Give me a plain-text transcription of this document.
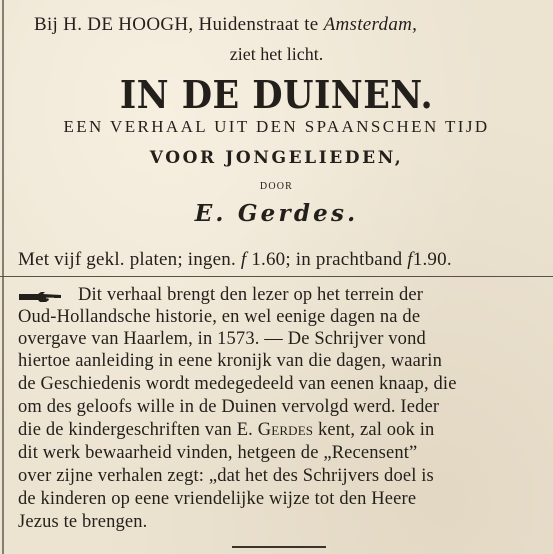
Bij H. DE HOOGH, Huidenstraat te Amsterdam,
ziet het licht.
IN DE DUINEN.
EEN VERHAAL UIT DEN SPAANSCHEN TIJD
VOOR JONGELIEDEN,
DOOR
E. Gerdes.
Met vijf gekl. platen; ingen. f 1.60; in prachtband f1.90.
Dit verhaal brengt den lezer op het terrein der
Oud-Hollandsche historie, en wel eenige dagen na de
overgave van Haarlem, in 1573. — De Schrijver vond
hiertoe aanleiding in eene kronijk van die dagen, waarin
de Geschiedenis wordt medegedeeld van eenen knaap, die
om des geloofs wille in de Duinen vervolgd werd. Ieder
die de kindergeschriften van E. Gerdes kent, zal ook in
dit werk bewaarheid vinden, hetgeen de „Recensent”
over zijne verhalen zegt: „dat het des Schrijvers doel is
de kinderen op eene vriendelijke wijze tot den Heere
Jezus te brengen.
